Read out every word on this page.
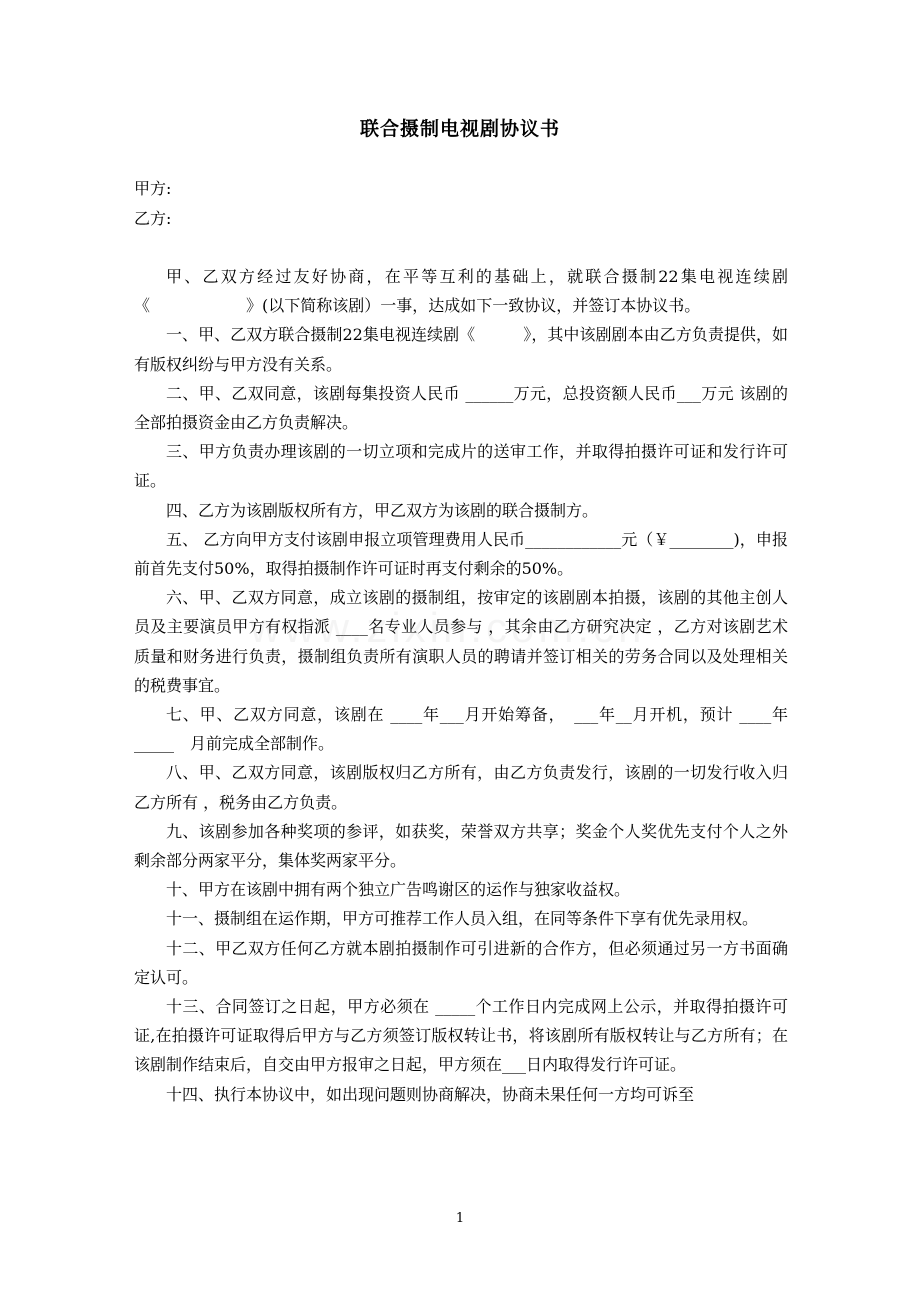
联合摄制电视剧协议书
甲方:
乙方:

甲、乙双方经过友好协商，在平等互利的基础上，就联合摄制22集电视连续剧《　　　　　　》(以下简称该剧）一事，达成如下一致协议，并签订本协议书。

一、甲、乙双方联合摄制22集电视连续剧《　　　》，其中该剧剧本由乙方负责提供，如有版权纠纷与甲方没有关系。

二、甲、乙双同意，该剧每集投资人民币 ______万元，总投资额人民币___万元 该剧的全部拍摄资金由乙方负责解决。

三、甲方负责办理该剧的一切立项和完成片的送审工作，并取得拍摄许可证和发行许可证。

四、乙方为该剧版权所有方，甲乙双方为该剧的联合摄制方。

五、 乙方向甲方支付该剧申报立项管理费用人民币____________元（￥________)，申报前首先支付50%，取得拍摄制作许可证时再支付剩余的50%。

六、甲、乙双方同意，成立该剧的摄制组，按审定的该剧剧本拍摄，该剧的其他主创人员及主要演员甲方有权指派 ____名专业人员参与 ，其余由乙方研究决定 ，乙方对该剧艺术质量和财务进行负责，摄制组负责所有演职人员的聘请并签订相关的劳务合同以及处理相关的税费事宜。

七、甲、乙双方同意，该剧在 ____年___月开始筹备，　___年__月开机，预计 ____年_____　月前完成全部制作。

八、甲、乙双方同意，该剧版权归乙方所有，由乙方负责发行，该剧的一切发行收入归乙方所有 ，税务由乙方负责。

九、该剧参加各种奖项的参评，如获奖，荣誉双方共享；奖金个人奖优先支付个人之外剩余部分两家平分，集体奖两家平分。

十、甲方在该剧中拥有两个独立广告鸣谢区的运作与独家收益权。

十一、摄制组在运作期，甲方可推荐工作人员入组，在同等条件下享有优先录用权。

十二、甲乙双方任何乙方就本剧拍摄制作可引进新的合作方，但必须通过另一方书面确定认可。

十三、合同签订之日起，甲方必须在 _____个工作日内完成网上公示，并取得拍摄许可证,在拍摄许可证取得后甲方与乙方须签订版权转让书，将该剧所有版权转让与乙方所有；在该剧制作结束后，自交由甲方报审之日起，甲方须在___日内取得发行许可证。

十四、执行本协议中，如出现问题则协商解决，协商未果任何一方均可诉至

1
